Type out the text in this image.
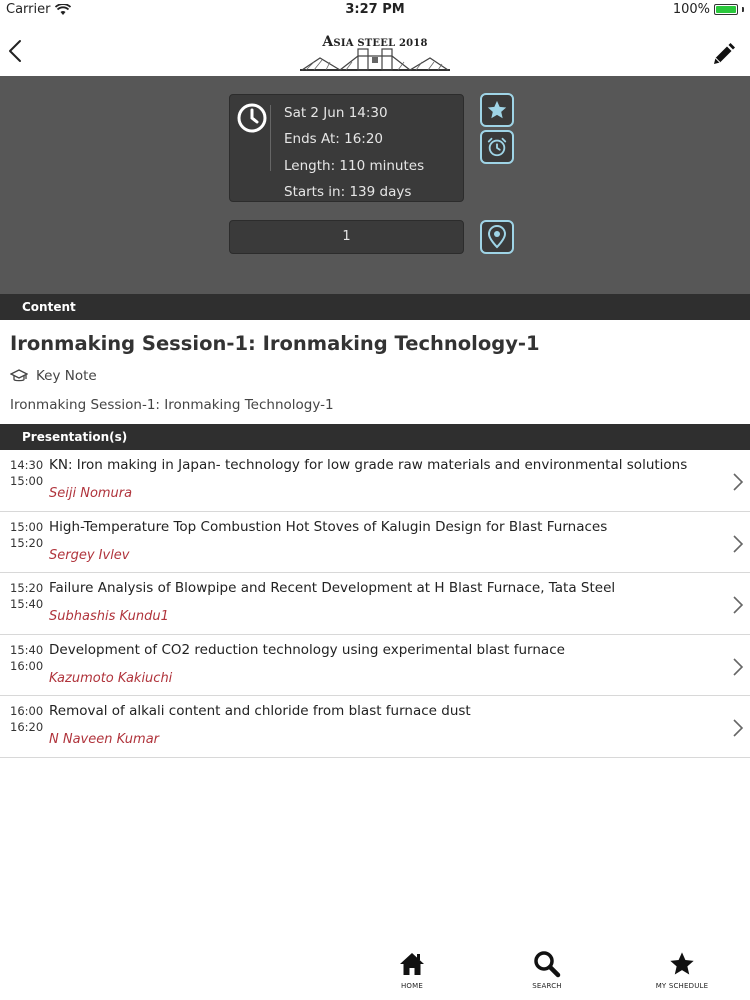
Carrier	3:27 PM	100%
ASIA STEEL 2018
Sat 2 Jun 14:30
Ends At: 16:20
Length: 110 minutes
Starts in: 139 days
1
Content
Ironmaking Session-1: Ironmaking Technology-1
Key Note
Ironmaking Session-1: Ironmaking Technology-1
Presentation(s)
14:30
15:00
KN: Iron making in Japan- technology for low grade raw materials and environmental solutions
Seiji Nomura
15:00
15:20
High-Temperature Top Combustion Hot Stoves of Kalugin Design for Blast Furnaces
Sergey Ivlev
15:20
15:40
Failure Analysis of Blowpipe and Recent Development at H Blast Furnace, Tata Steel
Subhashis Kundu1
15:40
16:00
Development of CO2 reduction technology using experimental blast furnace
Kazumoto Kakiuchi
16:00
16:20
Removal of alkali content and chloride from blast furnace dust
N Naveen Kumar
HOME	SEARCH	MY SCHEDULE
